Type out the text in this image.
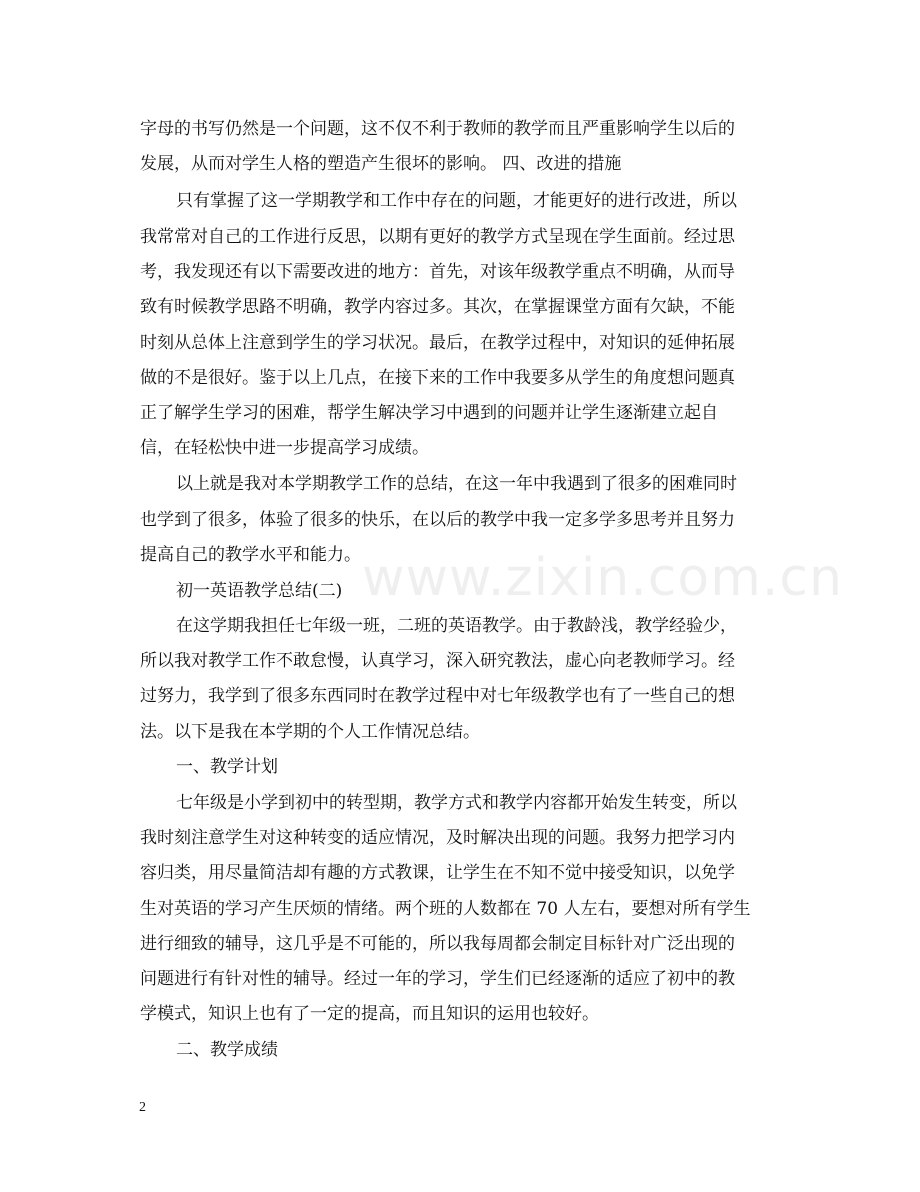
www.zixin.com.cn
字母的书写仍然是一个问题，这不仅不利于教师的教学而且严重影响学生以后的
发展，从而对学生人格的塑造产生很坏的影响。 四、改进的措施
只有掌握了这一学期教学和工作中存在的问题，才能更好的进行改进，所以
我常常对自己的工作进行反思，以期有更好的教学方式呈现在学生面前。经过思
考，我发现还有以下需要改进的地方：首先，对该年级教学重点不明确，从而导
致有时候教学思路不明确，教学内容过多。其次，在掌握课堂方面有欠缺，不能
时刻从总体上注意到学生的学习状况。最后，在教学过程中，对知识的延伸拓展
做的不是很好。鉴于以上几点，在接下来的工作中我要多从学生的角度想问题真
正了解学生学习的困难，帮学生解决学习中遇到的问题并让学生逐渐建立起自
信，在轻松快中进一步提高学习成绩。
以上就是我对本学期教学工作的总结，在这一年中我遇到了很多的困难同时
也学到了很多，体验了很多的快乐，在以后的教学中我一定多学多思考并且努力
提高自己的教学水平和能力。
初一英语教学总结(二)
在这学期我担任七年级一班，二班的英语教学。由于教龄浅，教学经验少，
所以我对教学工作不敢怠慢，认真学习，深入研究教法，虚心向老教师学习。经
过努力，我学到了很多东西同时在教学过程中对七年级教学也有了一些自己的想
法。以下是我在本学期的个人工作情况总结。
一、教学计划
七年级是小学到初中的转型期，教学方式和教学内容都开始发生转变，所以
我时刻注意学生对这种转变的适应情况，及时解决出现的问题。我努力把学习内
容归类，用尽量简洁却有趣的方式教课，让学生在不知不觉中接受知识，以免学
生对英语的学习产生厌烦的情绪。两个班的人数都在 70 人左右，要想对所有学生
进行细致的辅导，这几乎是不可能的，所以我每周都会制定目标针对广泛出现的
问题进行有针对性的辅导。经过一年的学习，学生们已经逐渐的适应了初中的教
学模式，知识上也有了一定的提高，而且知识的运用也较好。
二、教学成绩
2
